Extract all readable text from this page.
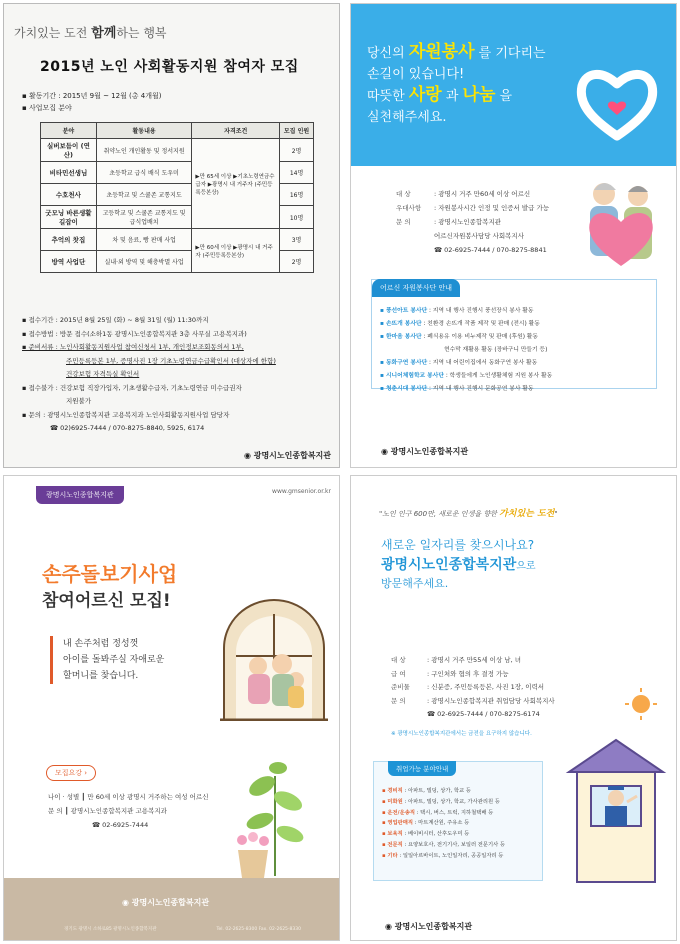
가치있는 도전 함께하는 행복
2015년 노인 사회활동지원 참여자 모집
▪ 활동기간 : 2015년 9월 ~ 12월 (총 4개월)
▪ 사업모집 분야
분야	활동내용	자격조건	모집 인원
실버보듬이 (연산)	취약노인 개인활동 및 정서지원	▶만 65세 이상 ▶기초노령연금수급자 ▶광명시 내 거주자 (주민등록등본상)	2명
비타민선생님	초등학교 급식 배식 도우미		14명
수호천사	초등학교 및 스쿨존 교통지도		16명
굿모닝 바른생활길잡이	고등학교 및 스쿨존 교통지도 및 급식업배치		10명
추억의 찻집	차 및 음료, 빵 판매 사업	▶만 60세 이상 ▶광명시 내 거주자 (주민등록등본상)	3명
방역 사업단	실내·외 방역 및 해충박멸 사업		2명
▪ 접수기간 : 2015년 8월 25일 (화) ~ 8월 31일 (월) 11:30까지
▪ 접수방법 : 방문 접수(소하1동 광명시노인종합복지관 3층 사무실 고용복지과)
▪ 준비서류 : 노인사회활동지원사업 참여신청서 1부, 개인정보조회동의서 1부,
주민등록등본 1부, 증명사진 1장 기초노령연금수급확인서 (대상자에 한함)
건강보험 자격득실 확인서
▪ 접수불가 : 건강보험 직장가입자, 기초생활수급자, 기초노령연금 미수급권자
지원불가
▪ 문의 : 광명시노인종합복지관 고용복지과 노인사회활동지원사업 담당자
☎ 02)6925-7444 / 070-8275-8840, 5925, 6174
◉ 광명시노인종합복지관
당신의 자원봉사 를 기다리는
손길이 있습니다!
따뜻한 사랑 과 나눔 을
실천해주세요.
대 상	: 광명시 거주 만60세 이상 어르신
우대사항 : 자원봉사시간 인정 및 인증서 발급 가능
문 의	: 광명시노인종합복지관
어르신자원봉사담당 사회복지사
☎ 02-6925-7444 / 070-8275-8841
어르신 자원봉사단 안내
▪ 풍선아트 봉사단 : 지역 내 행사 진행시 풍선장식 봉사 활동
▪ 손뜨개 봉사단 : 친환경 손뜨개 작품 제작 및 판매 (전시) 활동
▪ 한마음 봉사단 : 폐식용유 이용 비누제작 및 판매 (후원) 활동
현수막 재활용 활동 (장바구니 만들기 등)
▪ 동화구연 봉사단 : 지역 내 어린이집에서 동화구연 봉사 활동
▪ 시니어체험학교 봉사단 : 학생들에게 노인생활체험 지원 봉사 활동
▪ 청춘시대 봉사단 : 지역 내 행사 진행시 문화공연 봉사 활동
◉ 광명시노인종합복지관
광명시노인종합복지관	www.gmsenior.or.kr
손주돌보기사업
참여어르신 모집!
내 손주처럼 정성껏
아이를 돌봐주실 자애로운
할머니를 찾습니다.
모집요강 ›
나이 · 성별 ┃ 만 60세 이상 광명시 거주하는 여성 어르신
문 의 ┃ 광명시노인종합복지관 고용복지과
☎ 02-6925-7444
◉ 광명시노인종합복지관
경기도 광명시 소하로85 광명시노인종합복지관	Tel. 02-2625-8300 Fax. 02-2625-8330
"노인 인구 600만, 새로운 인생을 향한 가치있는 도전"
새로운 일자리를 찾으시나요?
광명시노인종합복지관으로
방문해주세요.
대 상	: 광명시 거주 만55세 이상 남, 녀
급 여	: 구인처와 협의 후 결정 가능
준비물	: 신분증, 주민등록등본, 사진 1장, 이력서
문 의	: 광명시노인종합복지관 취업담당 사회복지사
☎ 02-6925-7444 / 070-8275-6174
※ 광명시노인종합복지관에서는 금전을 요구하지 않습니다.
취업가능 분야안내
▪ 경비직 : 아파트, 빌딩, 상가, 학교 등
▪ 미화원 : 아파트, 빌딩, 상가, 학교, 가사관리원 등
▪ 운전/운송직 : 택시, 버스, 트럭, 지하철택배 등
▪ 영업판매직 : 마트계산원, 주유소 등
▪ 보육직 : 베이비시터, 산후도우미 등
▪ 전문직 : 요양보호사, 전기기사, 보일러 전문기사 등
▪ 기타 : 일일아르바이트, 노인일자리, 공공일자리 등
◉ 광명시노인종합복지관
